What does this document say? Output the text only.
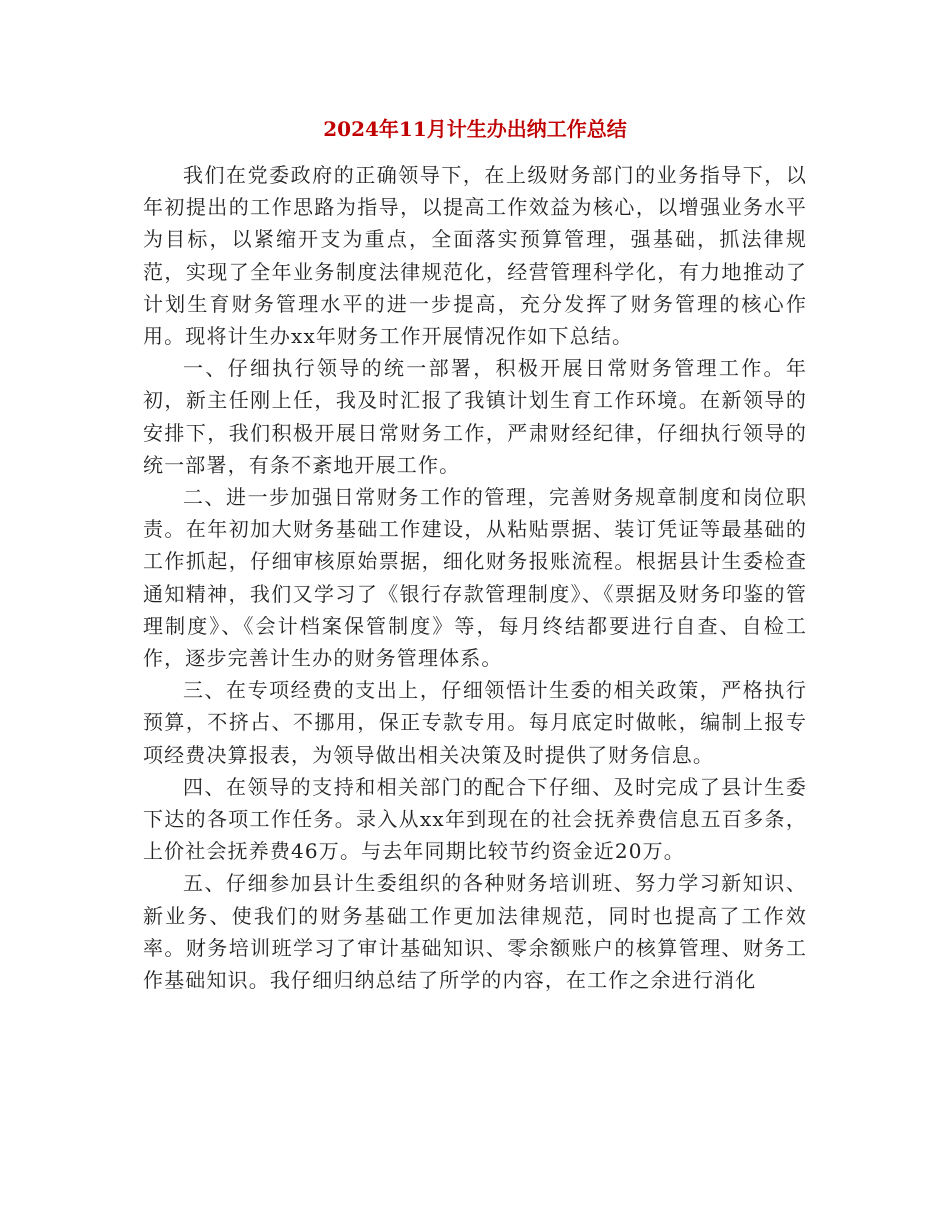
2024年11月计生办出纳工作总结

我们在党委政府的正确领导下，在上级财务部门的业务指导下，以年初提出的工作思路为指导，以提高工作效益为核心，以增强业务水平为目标，以紧缩开支为重点，全面落实预算管理，强基础，抓法律规范，实现了全年业务制度法律规范化，经营管理科学化，有力地推动了计划生育财务管理水平的进一步提高，充分发挥了财务管理的核心作用。现将计生办xx年财务工作开展情况作如下总结。

一、仔细执行领导的统一部署，积极开展日常财务管理工作。年初，新主任刚上任，我及时汇报了我镇计划生育工作环境。在新领导的安排下，我们积极开展日常财务工作，严肃财经纪律，仔细执行领导的统一部署，有条不紊地开展工作。

二、进一步加强日常财务工作的管理，完善财务规章制度和岗位职责。在年初加大财务基础工作建设，从粘贴票据、装订凭证等最基础的工作抓起，仔细审核原始票据，细化财务报账流程。根据县计生委检查通知精神，我们又学习了《银行存款管理制度》、《票据及财务印鉴的管理制度》、《会计档案保管制度》等，每月终结都要进行自查、自检工作，逐步完善计生办的财务管理体系。

三、在专项经费的支出上，仔细领悟计生委的相关政策，严格执行预算，不挤占、不挪用，保正专款专用。每月底定时做帐，编制上报专项经费决算报表，为领导做出相关决策及时提供了财务信息。

四、在领导的支持和相关部门的配合下仔细、及时完成了县计生委下达的各项工作任务。录入从xx年到现在的社会抚养费信息五百多条，上价社会抚养费46万。与去年同期比较节约资金近20万。

五、仔细参加县计生委组织的各种财务培训班、努力学习新知识、新业务、使我们的财务基础工作更加法律规范，同时也提高了工作效率。财务培训班学习了审计基础知识、零余额账户的核算管理、财务工作基础知识。我仔细归纳总结了所学的内容，在工作之余进行消化
